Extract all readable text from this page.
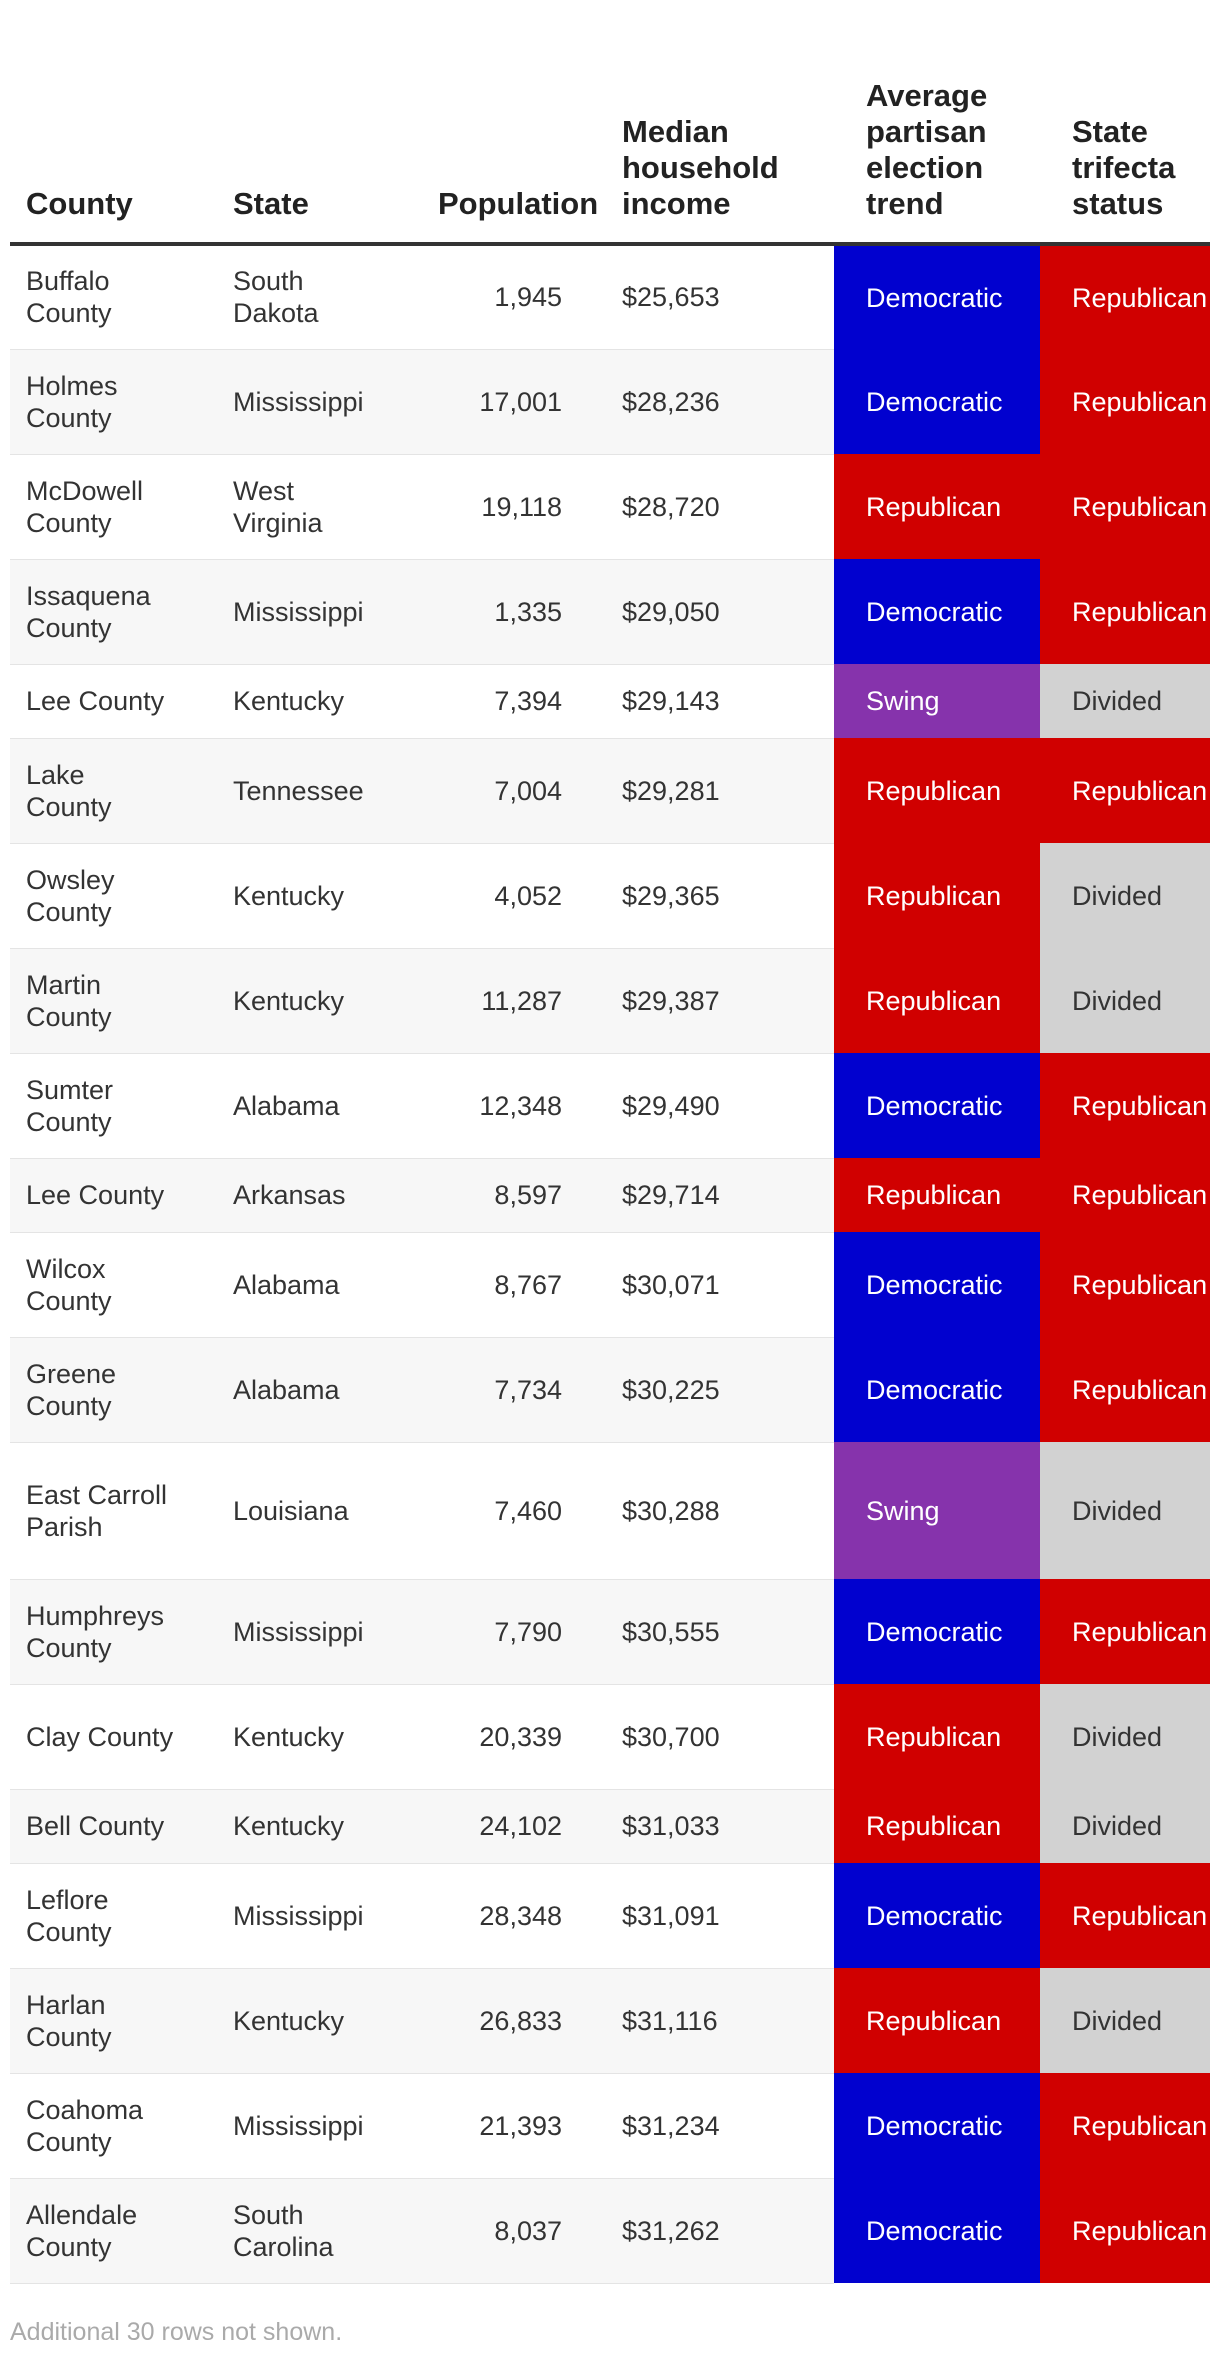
County	State	Population	Median household income	Average partisan election trend	State trifecta status
Buffalo County	South Dakota	1,945	$25,653	Democratic	Republican
Holmes County	Mississippi	17,001	$28,236	Democratic	Republican
McDowell County	West Virginia	19,118	$28,720	Republican	Republican
Issaquena County	Mississippi	1,335	$29,050	Democratic	Republican
Lee County	Kentucky	7,394	$29,143	Swing	Divided
Lake County	Tennessee	7,004	$29,281	Republican	Republican
Owsley County	Kentucky	4,052	$29,365	Republican	Divided
Martin County	Kentucky	11,287	$29,387	Republican	Divided
Sumter County	Alabama	12,348	$29,490	Democratic	Republican
Lee County	Arkansas	8,597	$29,714	Republican	Republican
Wilcox County	Alabama	8,767	$30,071	Democratic	Republican
Greene County	Alabama	7,734	$30,225	Democratic	Republican
East Carroll Parish	Louisiana	7,460	$30,288	Swing	Divided
Humphreys County	Mississippi	7,790	$30,555	Democratic	Republican
Clay County	Kentucky	20,339	$30,700	Republican	Divided
Bell County	Kentucky	24,102	$31,033	Republican	Divided
Leflore County	Mississippi	28,348	$31,091	Democratic	Republican
Harlan County	Kentucky	26,833	$31,116	Republican	Divided
Coahoma County	Mississippi	21,393	$31,234	Democratic	Republican
Allendale County	South Carolina	8,037	$31,262	Democratic	Republican
Additional 30 rows not shown.
